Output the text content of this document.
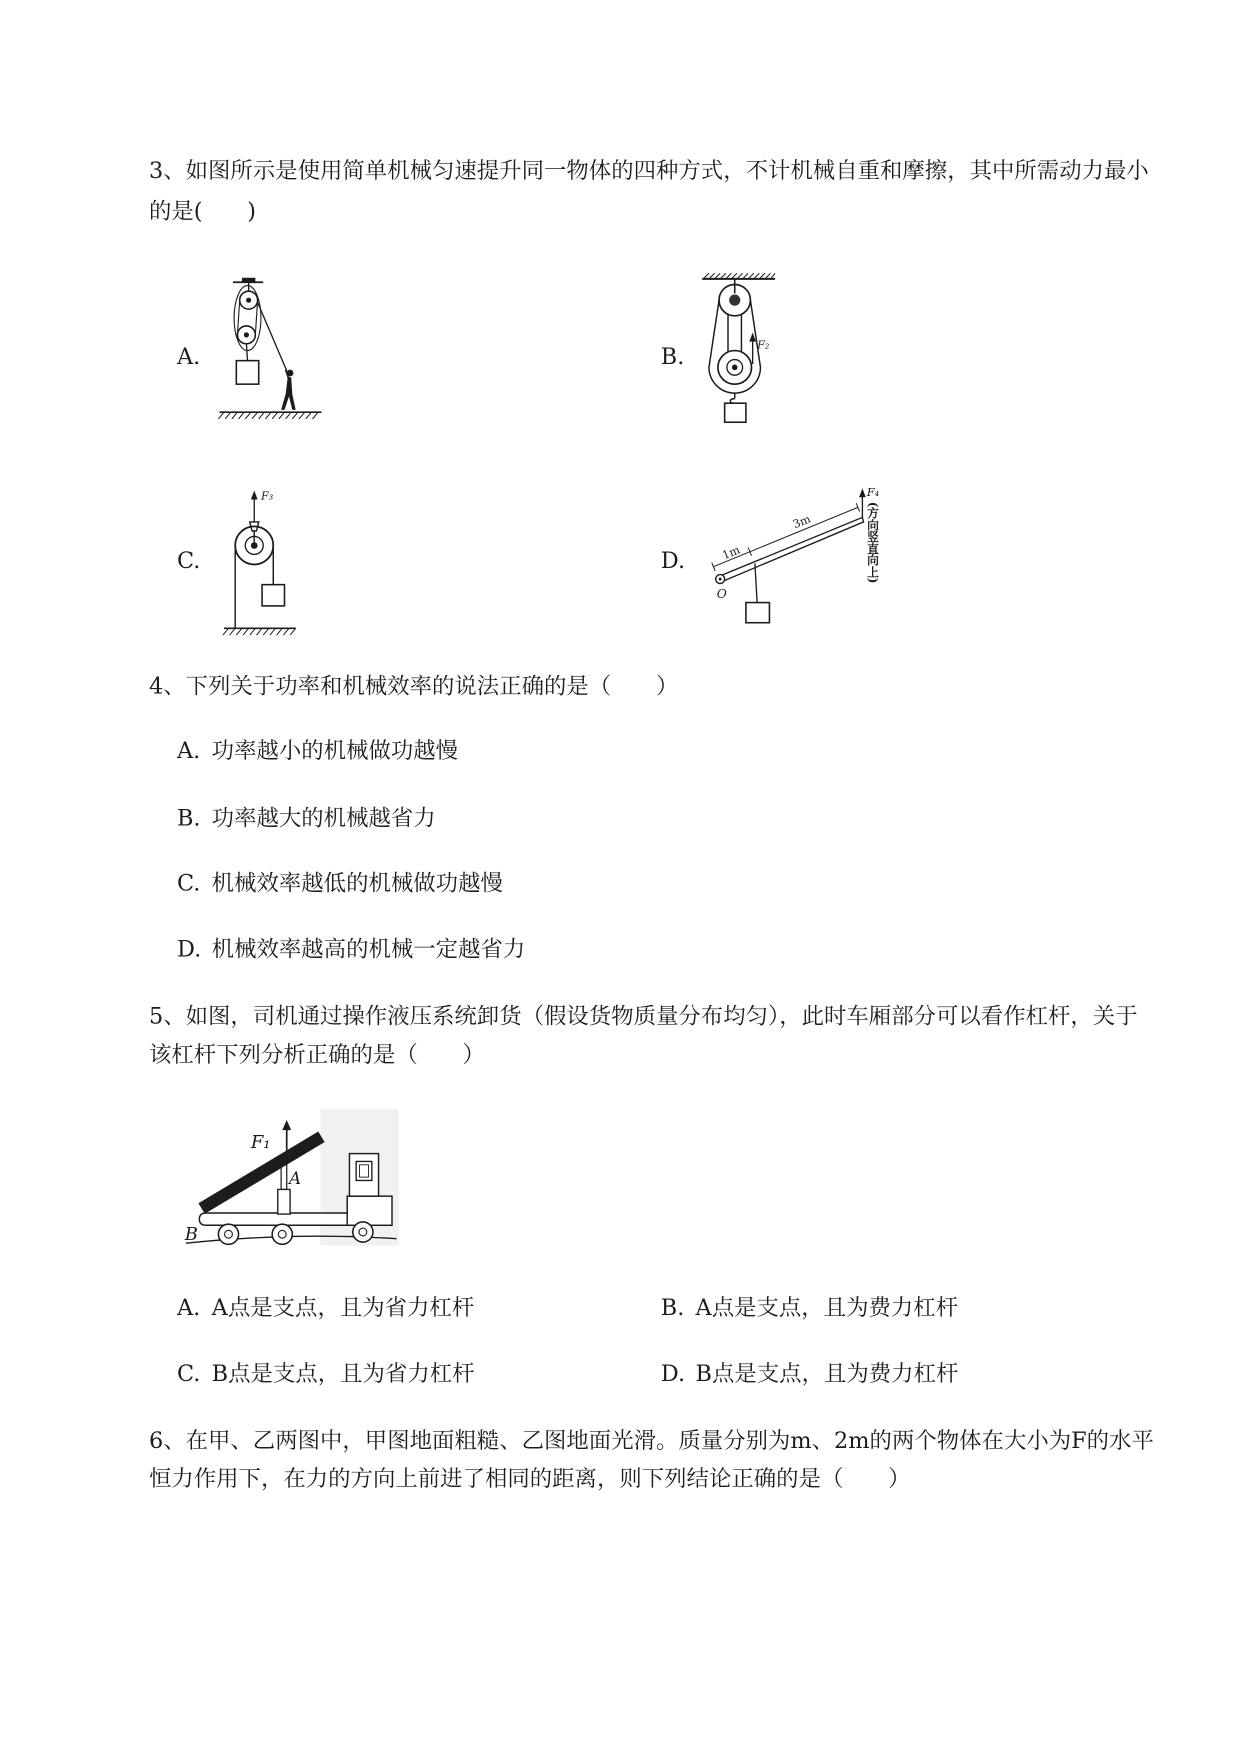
3、如图所示是使用简单机械匀速提升同一物体的四种方式，不计机械自重和摩擦，其中所需动力最小
的是(　　)
A.	B.
C.	D.
F₂
F₃
1m
3m
O
F₄
(方向竖直向上)
4、下列关于功率和机械效率的说法正确的是（　　）
A. 功率越小的机械做功越慢
B. 功率越大的机械越省力
C. 机械效率越低的机械做功越慢
D. 机械效率越高的机械一定越省力
5、如图，司机通过操作液压系统卸货（假设货物质量分布均匀），此时车厢部分可以看作杠杆，关于
该杠杆下列分析正确的是（　　）
F₁
A
B
A. A点是支点，且为省力杠杆	B. A点是支点，且为费力杠杆
C. B点是支点，且为省力杠杆	D. B点是支点，且为费力杠杆
6、在甲、乙两图中，甲图地面粗糙、乙图地面光滑。质量分别为m、2m的两个物体在大小为F的水平
恒力作用下，在力的方向上前进了相同的距离，则下列结论正确的是（　　）
